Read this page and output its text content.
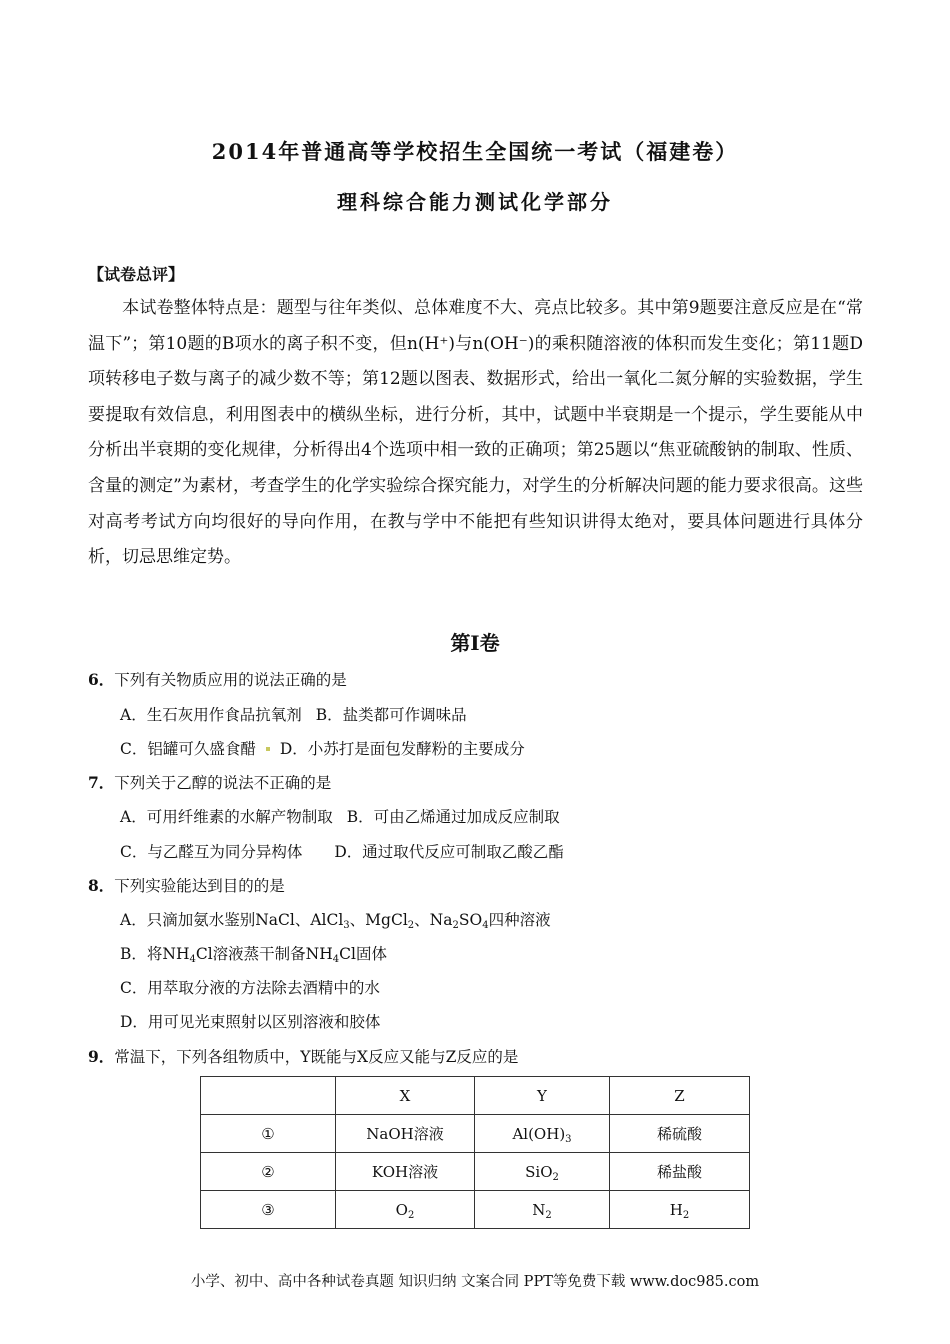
2014年普通高等学校招生全国统一考试（福建卷）
理科综合能力测试化学部分
【试卷总评】
本试卷整体特点是：题型与往年类似、总体难度不大、亮点比较多。其中第9题要注意反应是在“常温下”；第10题的B项水的离子积不变，但n(H⁺)与n(OH⁻)的乘积随溶液的体积而发生变化；第11题D项转移电子数与离子的减少数不等；第12题以图表、数据形式，给出一氧化二氮分解的实验数据，学生要提取有效信息，利用图表中的横纵坐标，进行分析，其中，试题中半衰期是一个提示，学生要能从中分析出半衰期的变化规律，分析得出4个选项中相一致的正确项；第25题以“焦亚硫酸钠的制取、性质、含量的测定”为素材，考查学生的化学实验综合探究能力，对学生的分析解决问题的能力要求很高。这些对高考考试方向均很好的导向作用，在教与学中不能把有些知识讲得太绝对，要具体问题进行具体分析，切忌思维定势。
第I卷
6．下列有关物质应用的说法正确的是
A．生石灰用作食品抗氧剂 B．盐类都可作调味品
C．铝罐可久盛食醋 D．小苏打是面包发酵粉的主要成分
7．下列关于乙醇的说法不正确的是
A．可用纤维素的水解产物制取 B．可由乙烯通过加成反应制取
C．与乙醛互为同分异构体 D．通过取代反应可制取乙酸乙酯
8．下列实验能达到目的的是
A．只滴加氨水鉴别NaCl、AlCl$_3$、MgCl$_2$、$Na_2SO_4$四种溶液
B．将$NH_4Cl$溶液蒸干制备$NH_4Cl$固体
C．用萃取分液的方法除去酒精中的水
D．用可见光束照射以区别溶液和胶体
9．常温下，下列各组物质中，Y既能与X反应又能与Z反应的是
	X	Y	Z
①	NaOH溶液	$Al(OH)_3$	稀硫酸
②	KOH溶液	SiO$_2$	稀盐酸
③	$O_2$	$N_2$	$H_2$
小学、初中、高中各种试卷真题 知识归纳 文案合同 PPT等免费下载 www.doc985.com
